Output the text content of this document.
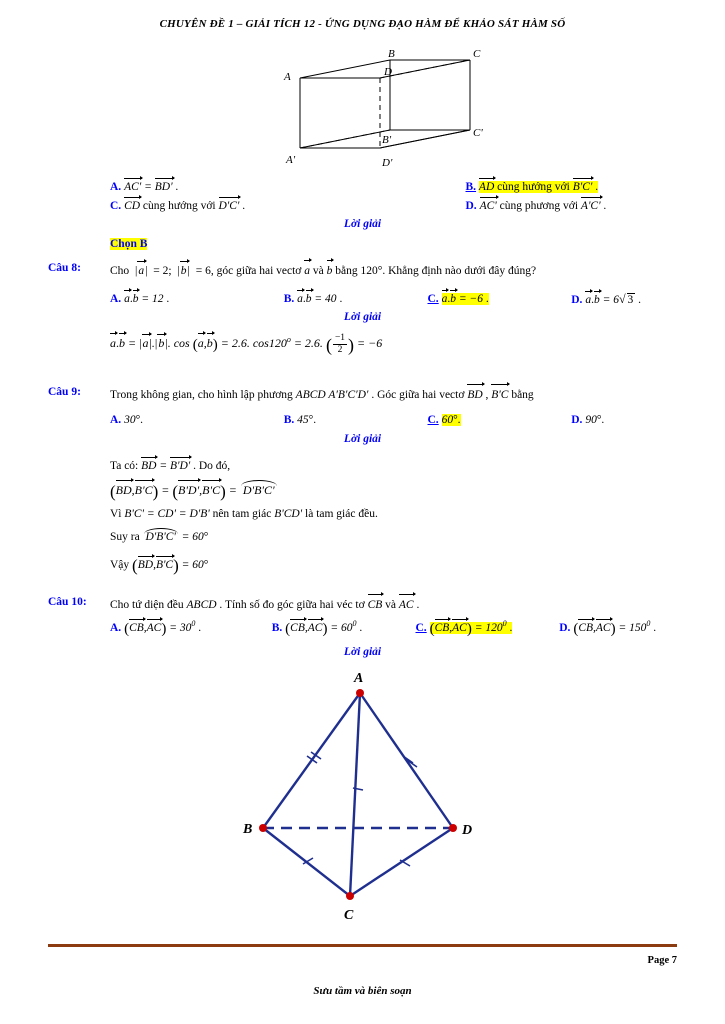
CHUYÊN ĐỀ 1 – GIẢI TÍCH 12 - ỨNG DỤNG ĐẠO HÀM ĐỂ KHẢO SÁT HÀM SỐ
B	C
D
A
B'
C'
A'	D'
A. AC' = BD' .	B. AD cùng hướng với B'C' .
C. CD cùng hướng với D'C' .	D. AC' cùng phương với A'C' .
Lời giải
Chọn B
Câu 8:	Cho |a| = 2; |b| = 6, góc giữa hai vectơ a và b bằng 120°. Khẳng định nào dưới đây đúng?
A. a.b = 12 .	B. a.b = 40 .	C. a.b = −6 .	D. a.b = 6√ 3 .
Lời giải
a.b = |a|.|b|. cos (a,b) = 2.6. $\cos 120^o = 2.6$. ( $\frac{-1}{2}$ ) = −6
Câu 9:	Trong không gian, cho hình lập phương ABCD A′B′C′D′ . Góc giữa hai vectơ BD , B'C bằng
A. 30°.	B. 45°.	C. 60°.	D. 90°.
Lời giải
Ta có: BD = B'D' . Do đó,
(BD,B'C) = (B'D',B'C) =  D'B'C'
Vì B'C' = CD' = D'B' nên tam giác B'CD' là tam giác đều.
Suy ra  D'B'C'  = 60°
Vậy (BD,B'C) = 60°
Câu 10: Cho tứ diện đều ABCD . Tính số đo góc giữa hai véc tơ CB và AC .
A. $(CB,AC) = 30^0$ .	B. $(CB,AC) = 60^0$ .	C. $(CB,AC) = 120^0$ .	D. $(CB,AC) = 150^0$ .
Lời giải
A
B	D
C
Page 7
Sưu tầm và biên soạn
